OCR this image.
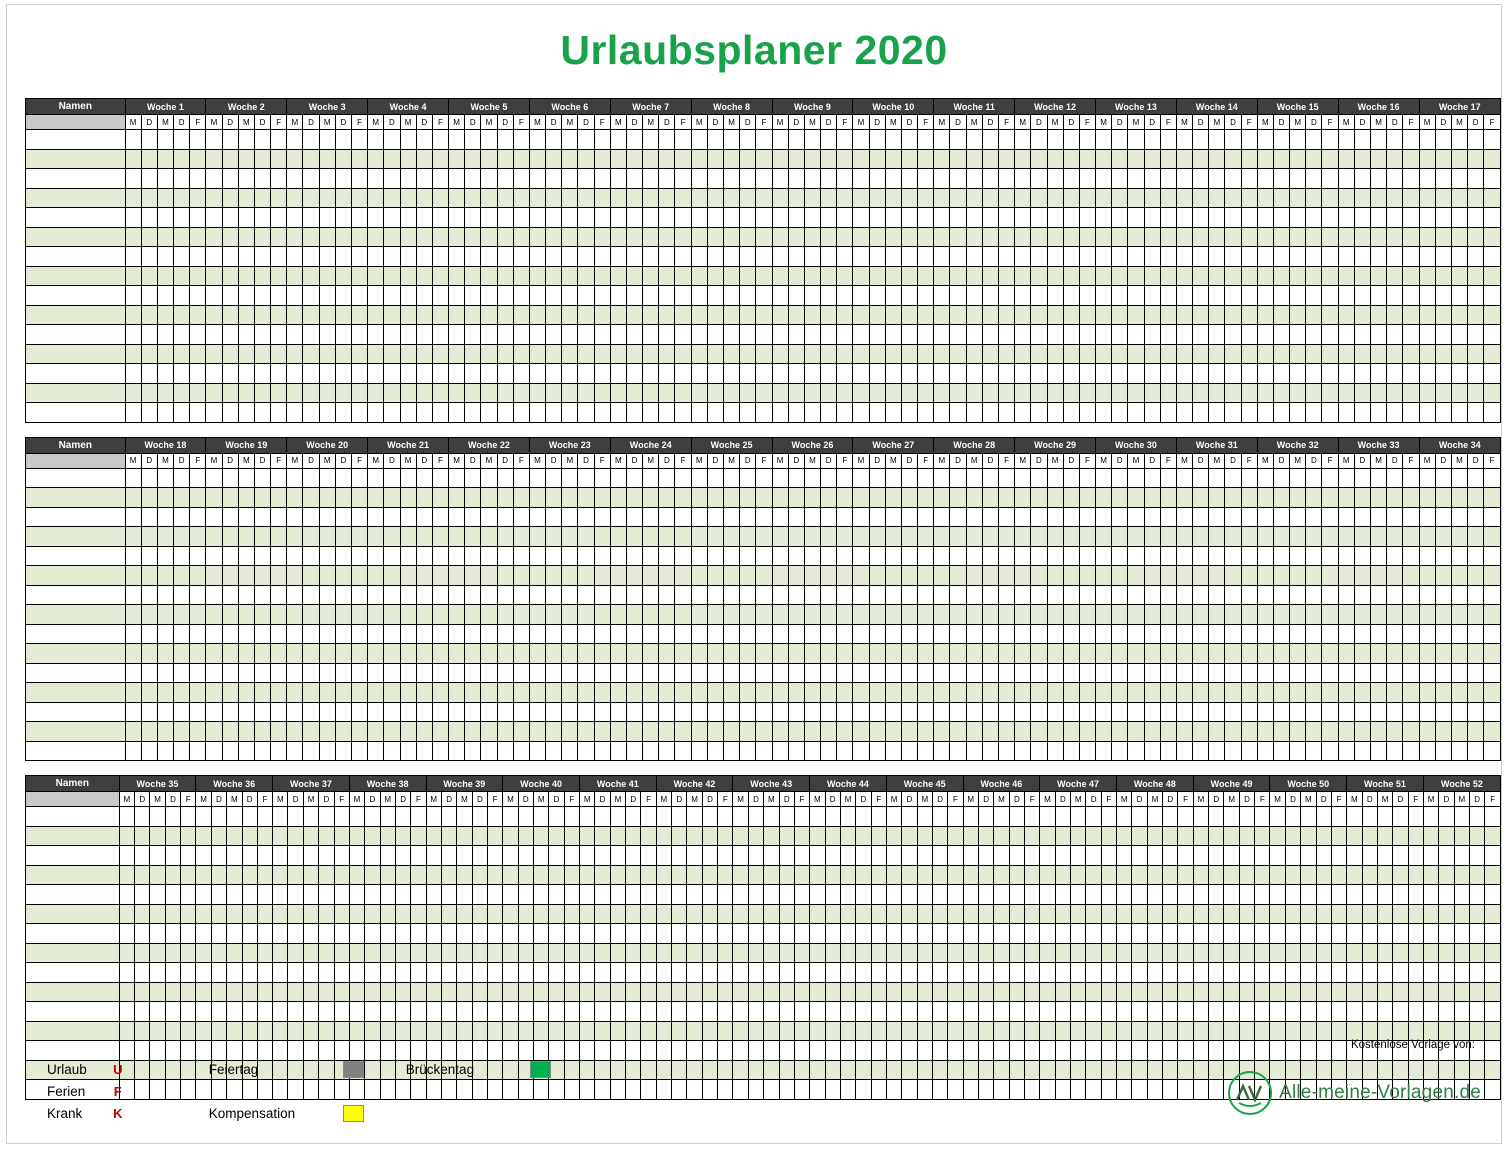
Urlaubsplaner 2020
Namen	Woche 1	Woche 2	Woche 3	Woche 4	Woche 5	Woche 6	Woche 7	Woche 8	Woche 9	Woche 10	Woche 11	Woche 12	Woche 13	Woche 14	Woche 15	Woche 16	Woche 17
	M	D	M	D	F	M	D	M	D	F	M	D	M	D	F	M	D	M	D	F	M	D	M	D	F	M	D	M	D	F	M	D	M	D	F	M	D	M	D	F	M	D	M	D	F	M	D	M	D	F	M	D	M	D	F	M	D	M	D	F	M	D	M	D	F	M	D	M	D	F	M	D	M	D	F	M	D	M	D	F	M	D	M	D	F

Namen	Woche 18	Woche 19	Woche 20	Woche 21	Woche 22	Woche 23	Woche 24	Woche 25	Woche 26	Woche 27	Woche 28	Woche 29	Woche 30	Woche 31	Woche 32	Woche 33	Woche 34
	M	D	M	D	F	M	D	M	D	F	M	D	M	D	F	M	D	M	D	F	M	D	M	D	F	M	D	M	D	F	M	D	M	D	F	M	D	M	D	F	M	D	M	D	F	M	D	M	D	F	M	D	M	D	F	M	D	M	D	F	M	D	M	D	F	M	D	M	D	F	M	D	M	D	F	M	D	M	D	F	M	D	M	D	F

Namen	Woche 35	Woche 36	Woche 37	Woche 38	Woche 39	Woche 40	Woche 41	Woche 42	Woche 43	Woche 44	Woche 45	Woche 46	Woche 47	Woche 48	Woche 49	Woche 50	Woche 51	Woche 52
	M	D	M	D	F	M	D	M	D	F	M	D	M	D	F	M	D	M	D	F	M	D	M	D	F	M	D	M	D	F	M	D	M	D	F	M	D	M	D	F	M	D	M	D	F	M	D	M	D	F	M	D	M	D	F	M	D	M	D	F	M	D	M	D	F	M	D	M	D	F	M	D	M	D	F	M	D	M	D	F	M	D	M	D	F	M	D	M	D	F

Urlaub	U		Feiertag		Brückentag	
Ferien	F					
Krank	K		Kompensation			
Kostenlose Vorlage von:
Alle-meine-Vorlagen.de
